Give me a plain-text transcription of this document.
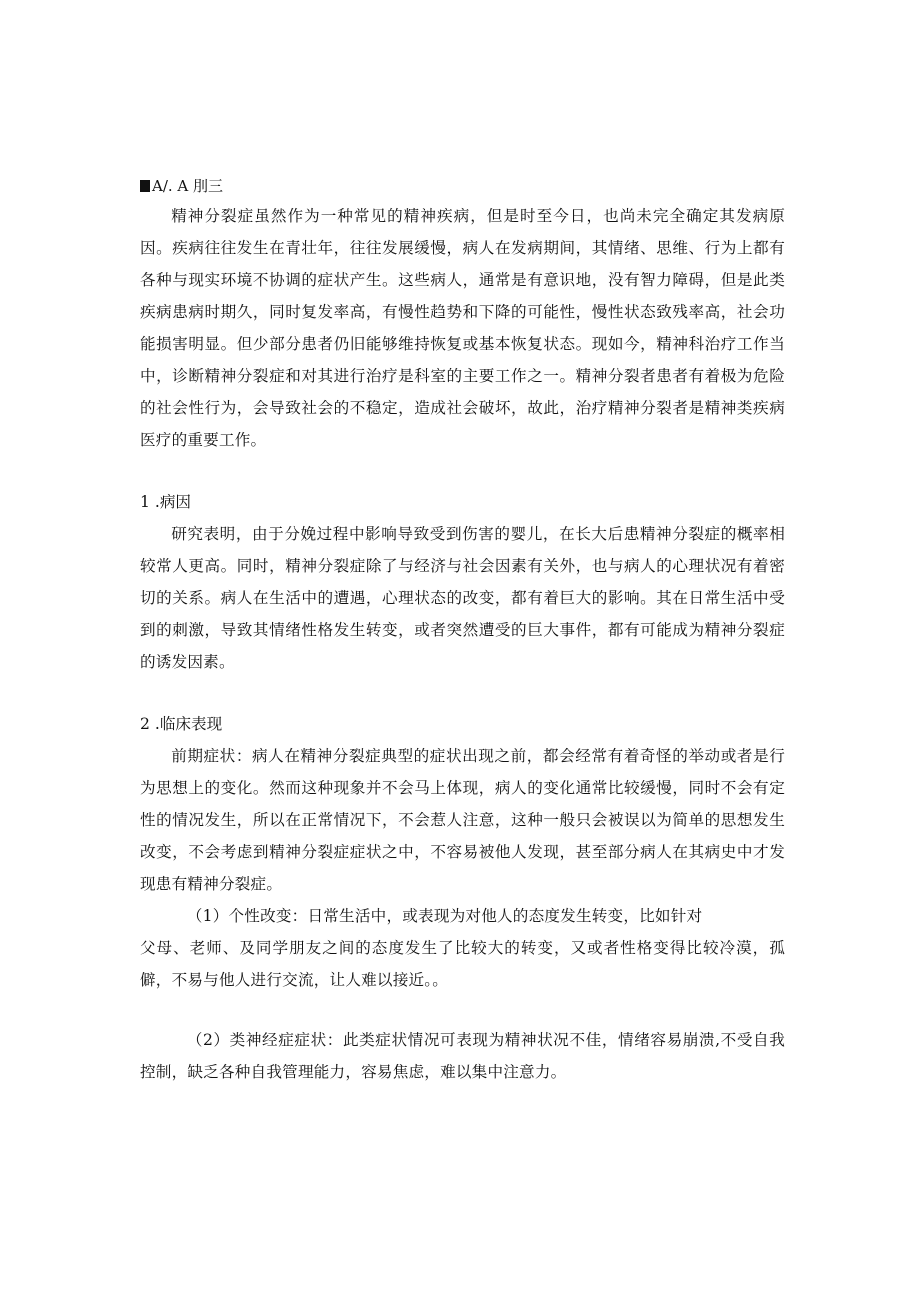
A/. A 刖三

精神分裂症虽然作为一种常见的精神疾病，但是时至今日，也尚未完全确定其发病原因。疾病往往发生在青壮年，往往发展缓慢，病人在发病期间，其情绪、思维、行为上都有各种与现实环境不协调的症状产生。这些病人，通常是有意识地，没有智力障碍，但是此类疾病患病时期久，同时复发率高，有慢性趋势和下降的可能性，慢性状态致残率高，社会功能损害明显。但少部分患者仍旧能够维持恢复或基本恢复状态。现如今，精神科治疗工作当中，诊断精神分裂症和对其进行治疗是科室的主要工作之一。精神分裂者患者有着极为危险的社会性行为，会导致社会的不稳定，造成社会破坏，故此，治疗精神分裂者是精神类疾病医疗的重要工作。

1 .病因

研究表明，由于分娩过程中影响导致受到伤害的婴儿，在长大后患精神分裂症的概率相较常人更高。同时，精神分裂症除了与经济与社会因素有关外，也与病人的心理状况有着密切的关系。病人在生活中的遭遇，心理状态的改变，都有着巨大的影响。其在日常生活中受到的刺激，导致其情绪性格发生转变，或者突然遭受的巨大事件，都有可能成为精神分裂症的诱发因素。

2 .临床表现

前期症状：病人在精神分裂症典型的症状出现之前，都会经常有着奇怪的举动或者是行为思想上的变化。然而这种现象并不会马上体现，病人的变化通常比较缓慢，同时不会有定性的情况发生，所以在正常情况下，不会惹人注意，这种一般只会被误以为简单的思想发生改变，不会考虑到精神分裂症症状之中，不容易被他人发现，甚至部分病人在其病史中才发现患有精神分裂症。

（1）个性改变：日常生活中，或表现为对他人的态度发生转变，比如针对

父母、老师、及同学朋友之间的态度发生了比较大的转变，又或者性格变得比较冷漠，孤僻，不易与他人进行交流，让人难以接近。。

（2）类神经症症状：此类症状情况可表现为精神状况不佳，情绪容易崩溃,不受自我控制，缺乏各种自我管理能力，容易焦虑，难以集中注意力。
